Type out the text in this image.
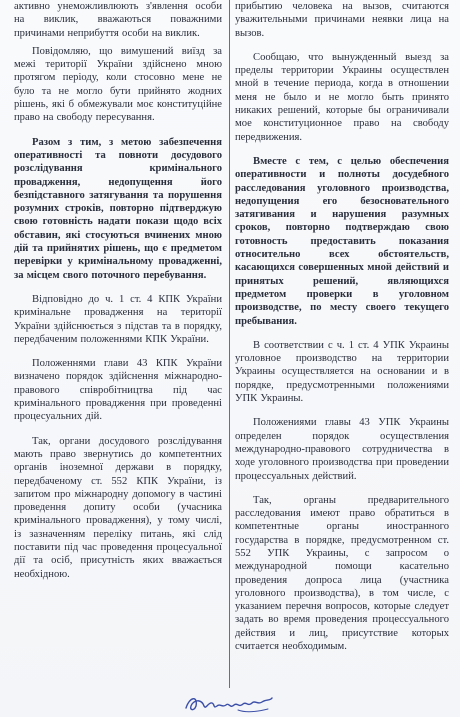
активно унеможливлюють з'явлення особи на виклик, вважаються поважними причинами неприбуття особи на виклик.

Повідомляю, що вимушений виїзд за межі території України здійснено мною протягом періоду, коли стосовно мене не було та не могло бути прийнято жодних рішень, які б обмежували моє конституційне право на свободу пересування.

Разом з тим, з метою забезпечення оперативності та повноти досудового розслідування кримінального провадження, недопущення його безпідставного затягування та порушення розумних строків, повторно підтверджую свою готовність надати покази щодо всіх обставин, які стосуються вчинених мною дій та прийнятих рішень, що є предметом перевірки у кримінальному провадженні, за місцем свого поточного перебування.

Відповідно до ч. 1 ст. 4 КПК України кримінальне провадження на території України здійснюється з підстав та в порядку, передбаченим положеннями КПК України.

Положеннями глави 43 КПК України визначено порядок здійснення міжнародно-правового співробітництва під час кримінального провадження при проведенні процесуальних дій.

Так, органи досудового розслідування мають право звернутись до компетентних органів іноземної держави в порядку, передбаченому ст. 552 КПК України, із запитом про міжнародну допомогу в частині проведення допиту особи (учасника кримінального провадження), у тому числі, із зазначенням переліку питань, які слід поставити під час проведення процесуальної дії та осіб, присутність яких вважається необхідною.

прибытию человека на вызов, считаются уважительными причинами неявки лица на вызов.

Сообщаю, что вынужденный выезд за пределы территории Украины осуществлен мной в течение периода, когда в отношении меня не было и не могло быть принято никаких решений, которые бы ограничивали мое конституционное право на свободу передвижения.

Вместе с тем, с целью обеспечения оперативности и полноты досудебного расследования уголовного производства, недопущения его безосновательного затягивания и нарушения разумных сроков, повторно подтверждаю свою готовность предоставить показания относительно всех обстоятельств, касающихся совершенных мной действий и принятых решений, являющихся предметом проверки в уголовном производстве, по месту своего текущего пребывания.

В соответствии с ч. 1 ст. 4 УПК Украины уголовное производство на территории Украины осуществляется на основании и в порядке, предусмотренными положениями УПК Украины.

Положениями главы 43 УПК Украины определен порядок осуществления международно-правового сотрудничества в ходе уголовного производства при проведении процессуальных действий.

Так, органы предварительного расследования имеют право обратиться в компетентные органы иностранного государства в порядке, предусмотренном ст. 552 УПК Украины, с запросом о международной помощи касательно проведения допроса лица (участника уголовного производства), в том числе, с указанием перечня вопросов, которые следует задать во время проведения процессуального действия и лиц, присутствие которых считается необходимым.
